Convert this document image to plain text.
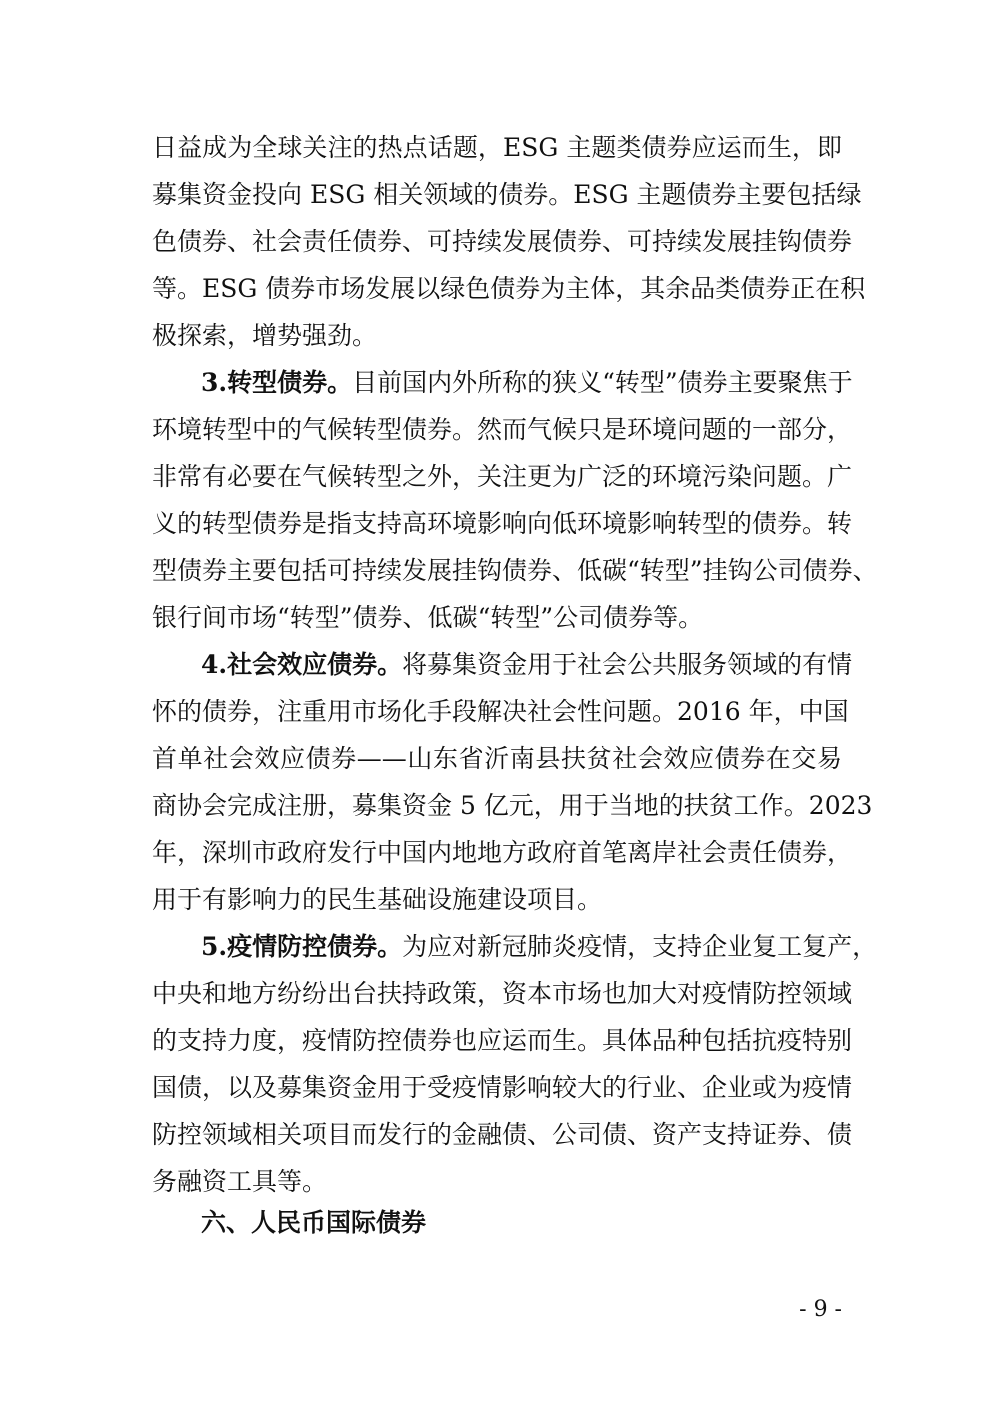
日益成为全球关注的热点话题，ESG 主题类债券应运而生，即
募集资金投向 ESG 相关领域的债券。ESG 主题债券主要包括绿
色债券、社会责任债券、可持续发展债券、可持续发展挂钩债券
等。ESG 债券市场发展以绿色债券为主体，其余品类债券正在积
极探索，增势强劲。
3.转型债券。目前国内外所称的狭义“转型”债券主要聚焦于
环境转型中的气候转型债券。然而气候只是环境问题的一部分，
非常有必要在气候转型之外，关注更为广泛的环境污染问题。广
义的转型债券是指支持高环境影响向低环境影响转型的债券。转
型债券主要包括可持续发展挂钩债券、低碳“转型”挂钩公司债券、
银行间市场“转型”债券、低碳“转型”公司债券等。
4.社会效应债券。将募集资金用于社会公共服务领域的有情
怀的债券，注重用市场化手段解决社会性问题。2016 年，中国
首单社会效应债券——山东省沂南县扶贫社会效应债券在交易
商协会完成注册，募集资金 5 亿元，用于当地的扶贫工作。2023
年，深圳市政府发行中国内地地方政府首笔离岸社会责任债券，
用于有影响力的民生基础设施建设项目。
5.疫情防控债券。为应对新冠肺炎疫情，支持企业复工复产，
中央和地方纷纷出台扶持政策，资本市场也加大对疫情防控领域
的支持力度，疫情防控债券也应运而生。具体品种包括抗疫特别
国债，以及募集资金用于受疫情影响较大的行业、企业或为疫情
防控领域相关项目而发行的金融债、公司债、资产支持证券、债
务融资工具等。
六、人民币国际债券
- 9 -
